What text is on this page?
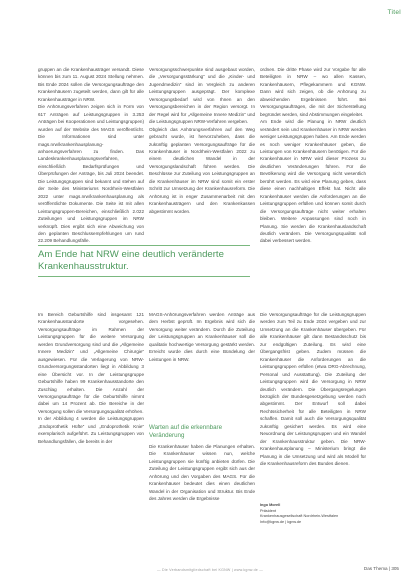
Titel
gruppen an die Krankenhausträger versandt. Diese können bis zum 11. August 2024 Stellung nehmen. Bis Ende 2024 sollen die Versorgungsaufträge den Krankenhäusern zugeteilt werden, dann gilt für alle Krankenhausträger in NRW.
Die Anhörungsverfahren zeigen sich in Form von 617 Anträgen auf Leistungsgruppen in 3.253 Anträgen bei Kooperationen und Leistungsgruppen) wurden auf der Website des MAGS veröffentlicht. Die Informationen sind unter mags.nrw/krankenhausplanung-anhoerungsverfahren zu finden. Das Landeskrankenhausplanungsverfahren, einschließlich Bedarfsprüfungen und Überprüfungen der Anträge, bis Juli 2024 beendet. Die Leistungsgruppen sind bekannt und stehen auf der Seite des Ministeriums Nordrhein-Westfalen 2022 unter mags.nrw/krankenhausplanung als veröffentlichte Dokumente. Die Seite ist mit allen Leistungsgruppen-Bereichen, einschließlich 2.022 Zuteilungen und Leistungsgruppen im NRW verknüpft. Dies ergibt sich eine Abweichung von den geplanten Beschlussempfehlungen um rund 22.209 Behandlungsfälle.
Versorgungsschwerpunkte sind ausgebaut worden, die „Versorgungsstärkung“ und die „Kinder- und Jugendmedizin“ sind im Vergleich zu anderen Leistungsgruppen ausgeprägt. Der komplexe Versorgungsbedarf wird von Ihnen an den Versorgungsbereichen in der Region versorgt. In der Regel wird für „Allgemeine Innere Medizin“ und die Leistungsgruppen NRW-Verfahren vergeben.
Obgleich das Anhörungsverfahren auf den Weg gebracht wurde, ist hervorzuheben, dass die zukünftig geplanten Versorgungsaufträge für die Krankenhäuser in Nordrhein-Westfalen 2022 zu einem deutlichen Wandel in der Versorgungslandschaft führen werden. Die Beschlüsse zur Zuteilung von Leistungsgruppen an die Krankenhäuser im NRW sind somit ein erster Schritt zur Umsetzung der Krankenhausreform. Die Anhörung ist in enger Zusammenarbeit mit den Krankenhausträgern und den Krankenkassen abgestimmt worden.
ordnen. Die dritte Phase wird zur Vorgabe für alle Beteiligten in NRW – wo allen Kassen, Krankenhäusern, Pflegekammern und KGNW. Dann wird sich zeigen, ob die Anhörung zu abweichenden Ergebnissen führt. Bei Versorgungsaufträgen, die mit der Sicherstellung begründet werden, sind Abstimmungen eingeleitet.
Am Ende wird die Planung in NRW deutlich verändert sein und Krankenhäuser in NRW werden weniger Leistungsgruppen haben. Am Ende werden es noch weniger Krankenhäuser geben, die Leistungen von Krankenhäusern benötigen. Für die Krankenhäuser in NRW wird dieser Prozess zu deutlichen Veränderungen führen. Für die Bevölkerung wird die Versorgung nicht wesentlich berührt werden. Es wird eine Planung geben, dass diese einen nachhaltigen Effekt hat. Nicht alle Krankenhäuser werden die Anforderungen an die Leistungsgruppen erfüllen und können somit durch die Versorgungsaufträge nicht weiter erhalten bleiben. Weitere Anpassungen sind noch in Planung. Sie werden die Krankenhauslandschaft deutlich verändern. Die Versorgungsqualität soll dabei verbessert werden.
Am Ende hat NRW eine deutlich veränderte Krankenhausstruktur.
Im Bereich Geburtshilfe sind insgesamt 121 Krankenhausstandorte vorgesehen. Versorgungsaufträge im Rahmen der Leistungsgruppen für die weitere Versorgung werden Grundversorgung sind und die „Allgemeine Innere Medizin“ und „Allgemeine Chirurgie“ ausgewiesen. Für die Verlagerung von NRW-Grundversorgungsstandorten liegt in Abbildung 3 eine Übersicht vor. In der Leistungsgruppe Geburtshilfe haben 99 Krankenhausstandorte den Zuschlag erhalten. Die Anzahl der Versorgungsaufträge für die Geburtshilfe nimmt dabei um 14 Prozent ab. Die Bereiche in der Versorgung sollen die Versorgungsqualität erhöhen.
In der Abbildung 4 werden die Leistungsgruppen „Endoprothetik Hüfte“ und „Endoprothetik Knie“ exemplarisch aufgeführt. Zu Leistungsgruppen von Behandlungsfällen, die bereits in der
MAGS-Anhörungsverfahren werden Anträge aus dem Herbst geprüft. Im Ergebnis wird sich die Versorgung weiter verändern. Durch die Zuteilung der Leistungsgruppen an Krankenhäuser soll die qualitativ hochwertige Versorgung gestärkt werden. Erreicht wurde dies durch eine Bündelung der Leistungen in NRW.
Warten auf die erkennbare Veränderung
Die Krankenhäuser haben die Planungen erhalten. Die Krankenhäuser wissen nun, welche Leistungsgruppen sie künftig anbieten dürfen. Die Zuteilung der Leistungsgruppen ergibt sich aus der Anhörung und den Vorgaben des MAGS. Für die Krankenhäuser bedeutet dies einen deutlichen Wandel in der Organisation und Struktur. Bis Ende des Jahres werden die Ergebnisse
Die Versorgungsaufträge für die Leistungsgruppen werden zum Teil zu Ende 2024 vergeben und zur Umsetzung an die Krankenhäuser übergeben. Für alle Krankenhäuser gilt dann Bestandsschutz bis zur endgültigen Zuteilung. Es wird eine Übergangsfrist geben. Zudem müssen die Krankenhäuser die Anforderungen an die Leistungsgruppen erfüllen (etwa DRG-Abrechnung, Personal und Ausstattung). Die Zuteilung der Leistungsgruppen wird die Versorgung in NRW deutlich verändern. Die Übergangsregelungen bezüglich der Bundesgesetzgebung werden noch abgestimmt. Der Entwurf soll dabei Rechtssicherheit für alle Beteiligten in NRW schaffen. Damit soll auch die Versorgungsqualität zukünftig gesichert werden. Es wird eine Neuordnung der Leistungsgruppen und ein Wandel der Krankenhausstruktur geben. Die NRW-Krankenhausplanung – Ministerium bringt die Planung in die Umsetzung und wird als Modell für die Krankenhausreform des Bundes dienen.
Ingo Morell
Präsident
Krankenhausgesellschaft Nordrhein-Westfalen
Info@kgnw.de | kgnw.de
— Die Verbandsmitgliedschaft bei KGNW | www.kgnw.de —	Das Thema | 305
